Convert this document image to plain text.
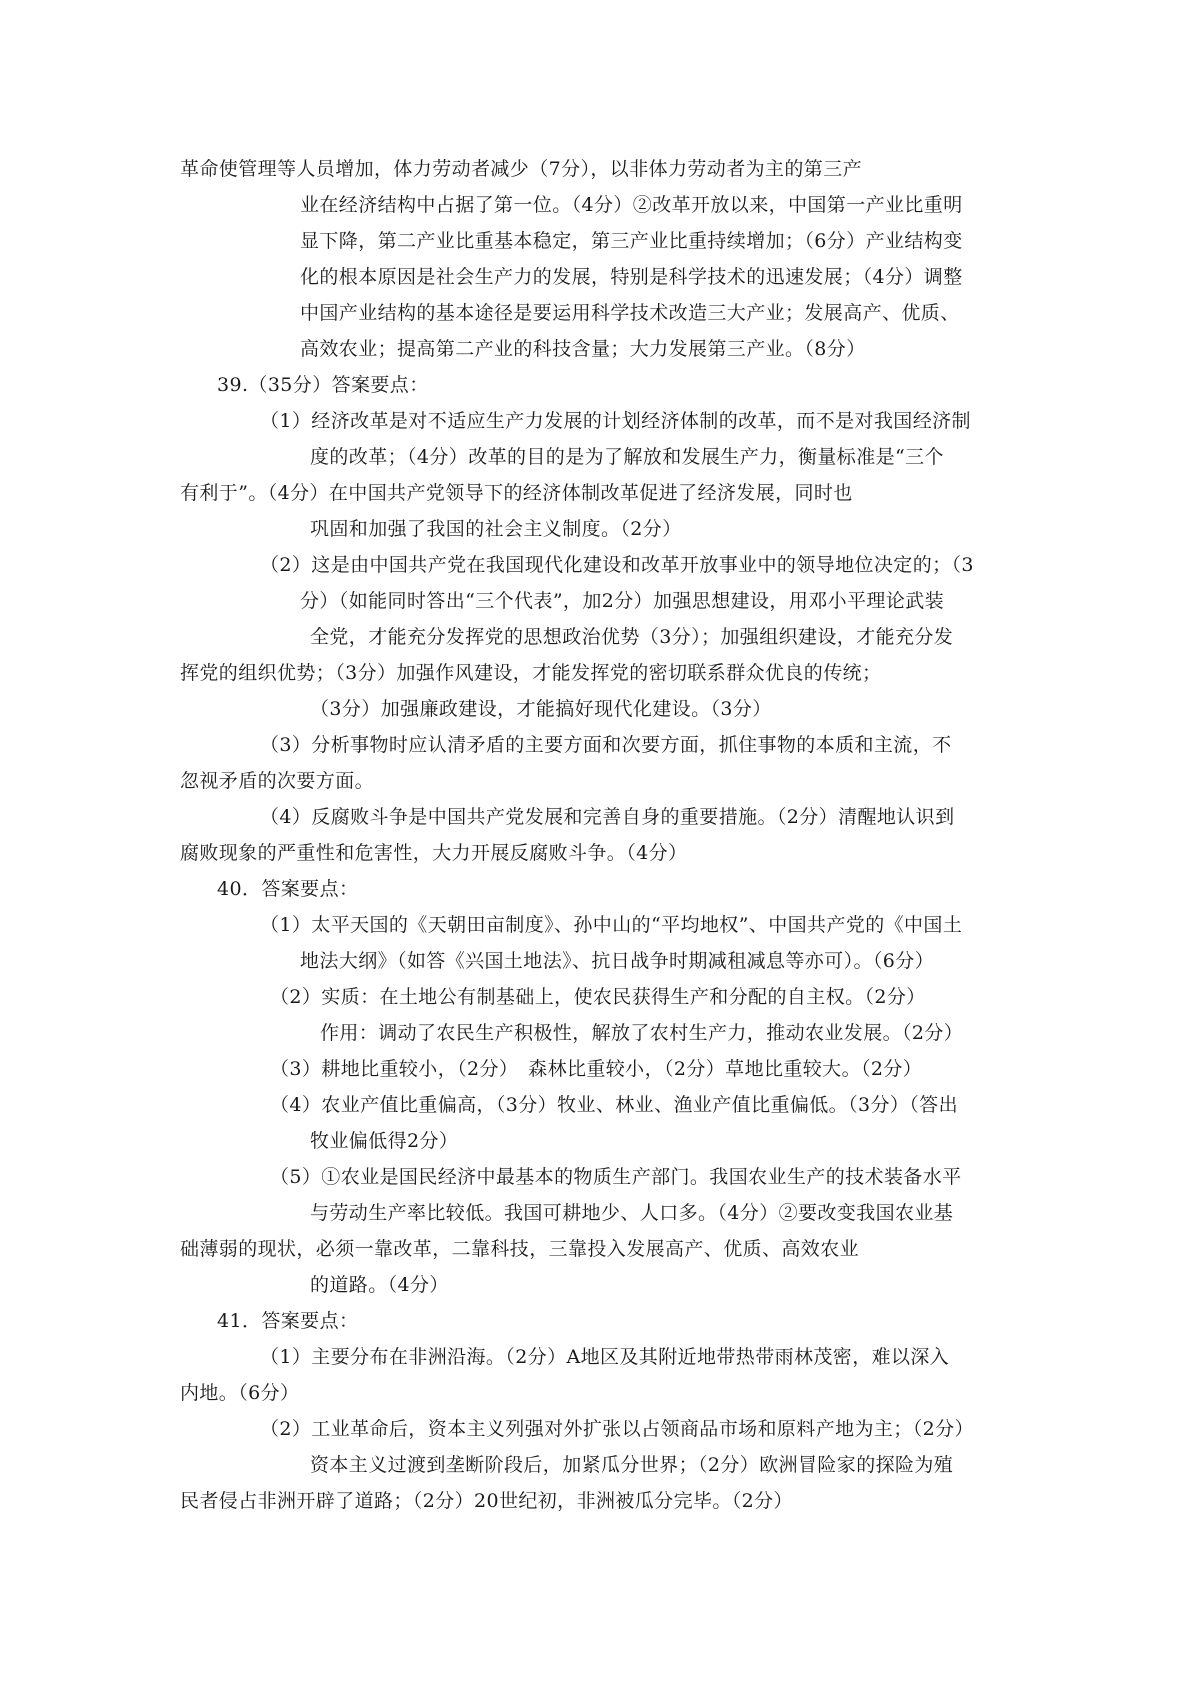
革命使管理等人员增加，体力劳动者减少（7分），以非体力劳动者为主的第三产
业在经济结构中占据了第一位。（4分）②改革开放以来，中国第一产业比重明
显下降，第二产业比重基本稳定，第三产业比重持续增加；（6分）产业结构变
化的根本原因是社会生产力的发展，特别是科学技术的迅速发展；（4分）调整
中国产业结构的基本途径是要运用科学技术改造三大产业；发展高产、优质、
高效农业；提高第二产业的科技含量；大力发展第三产业。（8分）
39.（35分）答案要点：
（1）经济改革是对不适应生产力发展的计划经济体制的改革，而不是对我国经济制
度的改革；（4分）改革的目的是为了解放和发展生产力，衡量标准是“三个
有利于”。（4分）在中国共产党领导下的经济体制改革促进了经济发展，同时也
巩固和加强了我国的社会主义制度。（2分）
（2）这是由中国共产党在我国现代化建设和改革开放事业中的领导地位决定的；（3
分）（如能同时答出“三个代表”，加2分）加强思想建设，用邓小平理论武装
全党，才能充分发挥党的思想政治优势（3分）；加强组织建设，才能充分发
挥党的组织优势；（3分）加强作风建设，才能发挥党的密切联系群众优良的传统；
（3分）加强廉政建设，才能搞好现代化建设。（3分）
（3）分析事物时应认清矛盾的主要方面和次要方面，抓住事物的本质和主流，不
忽视矛盾的次要方面。
（4）反腐败斗争是中国共产党发展和完善自身的重要措施。（2分）清醒地认识到
腐败现象的严重性和危害性，大力开展反腐败斗争。（4分）
40．答案要点：
（1）太平天国的《天朝田亩制度》、孙中山的“平均地权”、中国共产党的《中国土
地法大纲》（如答《兴国土地法》、抗日战争时期减租减息等亦可）。（6分）
（2）实质：在土地公有制基础上，使农民获得生产和分配的自主权。（2分）
作用：调动了农民生产积极性，解放了农村生产力，推动农业发展。（2分）
（3）耕地比重较小，（2分）　森林比重较小，（2分）草地比重较大。（2分）
（4）农业产值比重偏高，（3分）牧业、林业、渔业产值比重偏低。（3分）（答出
牧业偏低得2分）
（5）①农业是国民经济中最基本的物质生产部门。我国农业生产的技术装备水平
与劳动生产率比较低。我国可耕地少、人口多。（4分）②要改变我国农业基
础薄弱的现状，必须一靠改革，二靠科技，三靠投入发展高产、优质、高效农业
的道路。（4分）
41．答案要点：
（1）主要分布在非洲沿海。（2分）A地区及其附近地带热带雨林茂密，难以深入
内地。（6分）
（2）工业革命后，资本主义列强对外扩张以占领商品市场和原料产地为主；（2分）
资本主义过渡到垄断阶段后，加紧瓜分世界；（2分）欧洲冒险家的探险为殖
民者侵占非洲开辟了道路；（2分）20世纪初，非洲被瓜分完毕。（2分）
